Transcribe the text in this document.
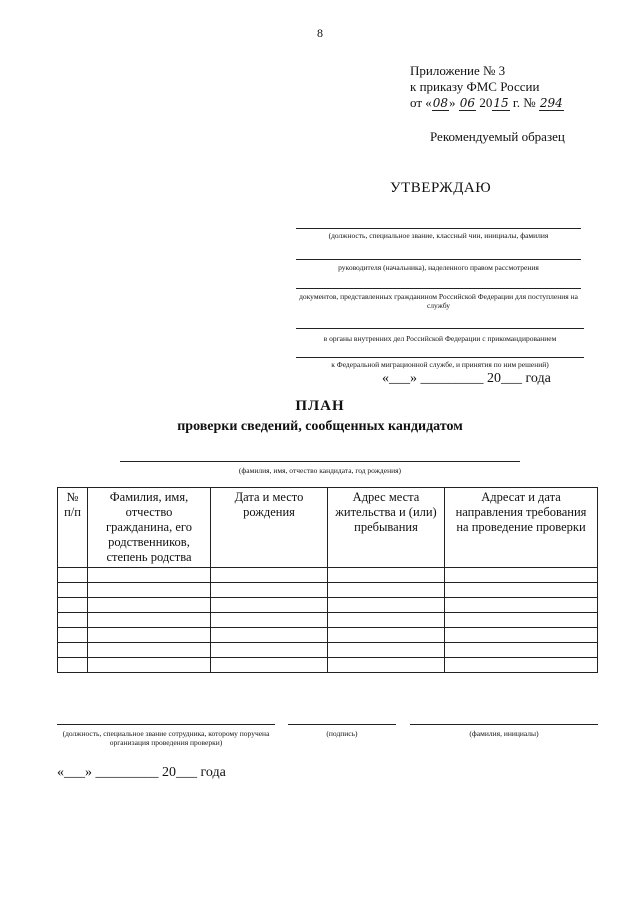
8
Приложение № 3
к приказу ФМС России
от «08» 06 2015 г. № 294
Рекомендуемый образец
УТВЕРЖДАЮ
(должность, специальное звание, классный чин, инициалы, фамилия
руководителя (начальника), наделенного правом рассмотрения
документов, представленных гражданином Российской Федерации для поступления на службу
в органы внутренних дел Российской Федерации с прикомандированием
к Федеральной миграционной службе, и принятия по ним решений)
«___» _________ 20___ года
ПЛАН
проверки сведений, сообщенных кандидатом
(фамилия, имя, отчество кандидата, год рождения)
№ п/п	Фамилия, имя, отчество гражданина, его родственников, степень родства	Дата и место рождения	Адрес места жительства и (или) пребывания	Адресат и дата направления требования на проведение проверки

(должность, специальное звание сотрудника, которому поручена организация проведения проверки)
(подпись)	(фамилия, инициалы)
«___» _________ 20___ года
